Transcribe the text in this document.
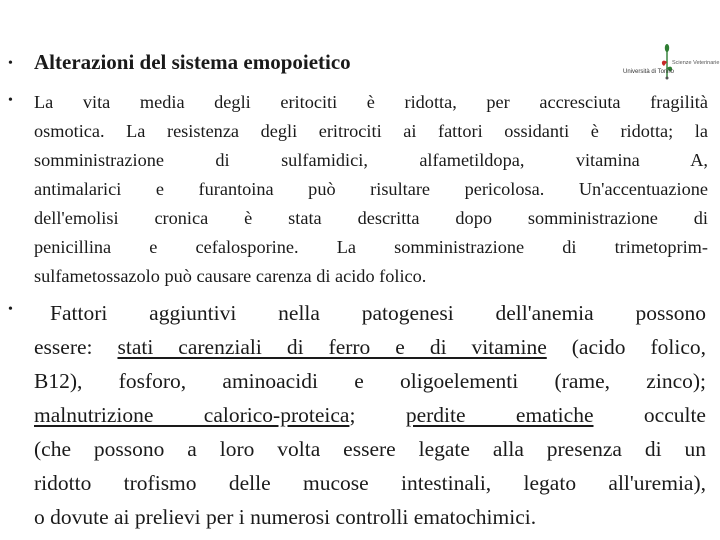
Università di Torino
Scienze Veterinarie
• Alterazioni del sistema emopoietico
• La vita media degli eritociti è ridotta, per accresciuta fragilità
osmotica. La resistenza degli eritrociti ai fattori ossidanti è ridotta; la
somministrazione di sulfamidici, alfametildopa, vitamina A,
antimalarici e furantoina può risultare pericolosa. Un'accentuazione
dell'emolisi cronica è stata descritta dopo somministrazione di
penicillina e cefalosporine. La somministrazione di trimetoprim-
sulfametossazolo può causare carenza di acido folico.
•	Fattori aggiuntivi nella patogenesi dell'anemia possono
essere: stati carenziali di ferro e di vitamine (acido folico,
B12), fosforo, aminoacidi e oligoelementi (rame, zinco);
malnutrizione calorico-proteica; perdite ematiche occulte
(che possono a loro volta essere legate alla presenza di un
ridotto trofismo delle mucose intestinali, legato all'uremia),
o dovute ai prelievi per i numerosi controlli ematochimici.
